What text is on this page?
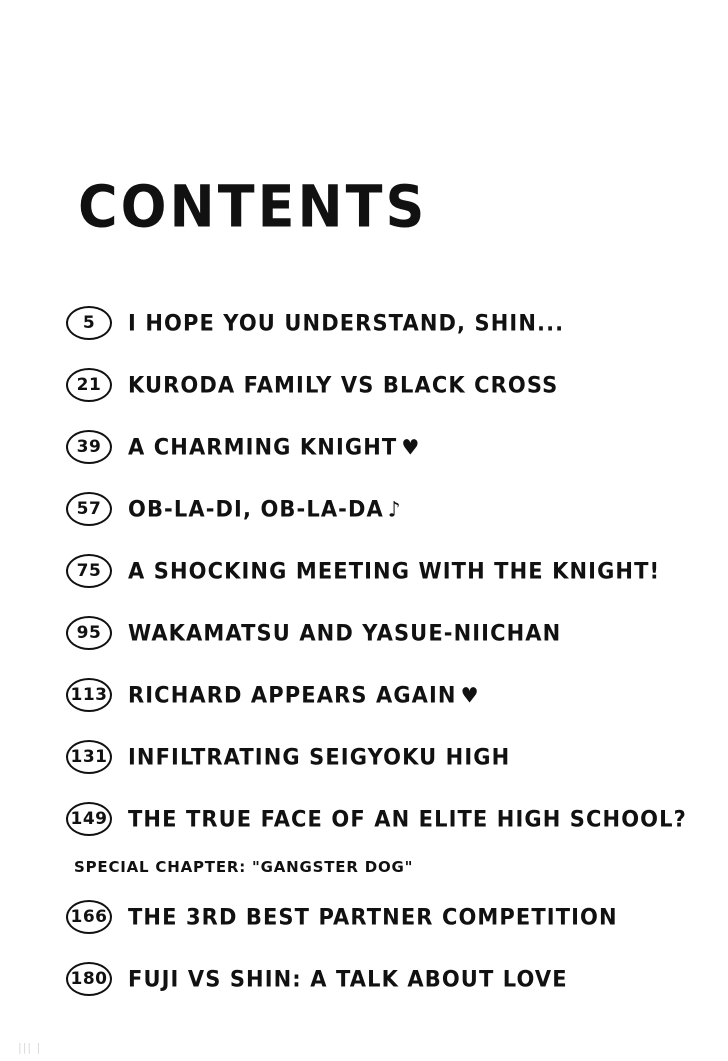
CONTENTS
5	I HOPE YOU UNDERSTAND, SHIN...
21	KURODA FAMILY VS BLACK CROSS
39	A CHARMING KNIGHT ♥
57	OB-LA-DI, OB-LA-DA ♪
75	A SHOCKING MEETING WITH THE KNIGHT!
95	WAKAMATSU AND YASUE-NIICHAN
113 RICHARD APPEARS AGAIN ♥
131 INFILTRATING SEIGYOKU HIGH
149 THE TRUE FACE OF AN ELITE HIGH SCHOOL?
SPECIAL CHAPTER: "GANGSTER DOG"
166 THE 3RD BEST PARTNER COMPETITION
180 FUJI VS SHIN: A TALK ABOUT LOVE
||| |
